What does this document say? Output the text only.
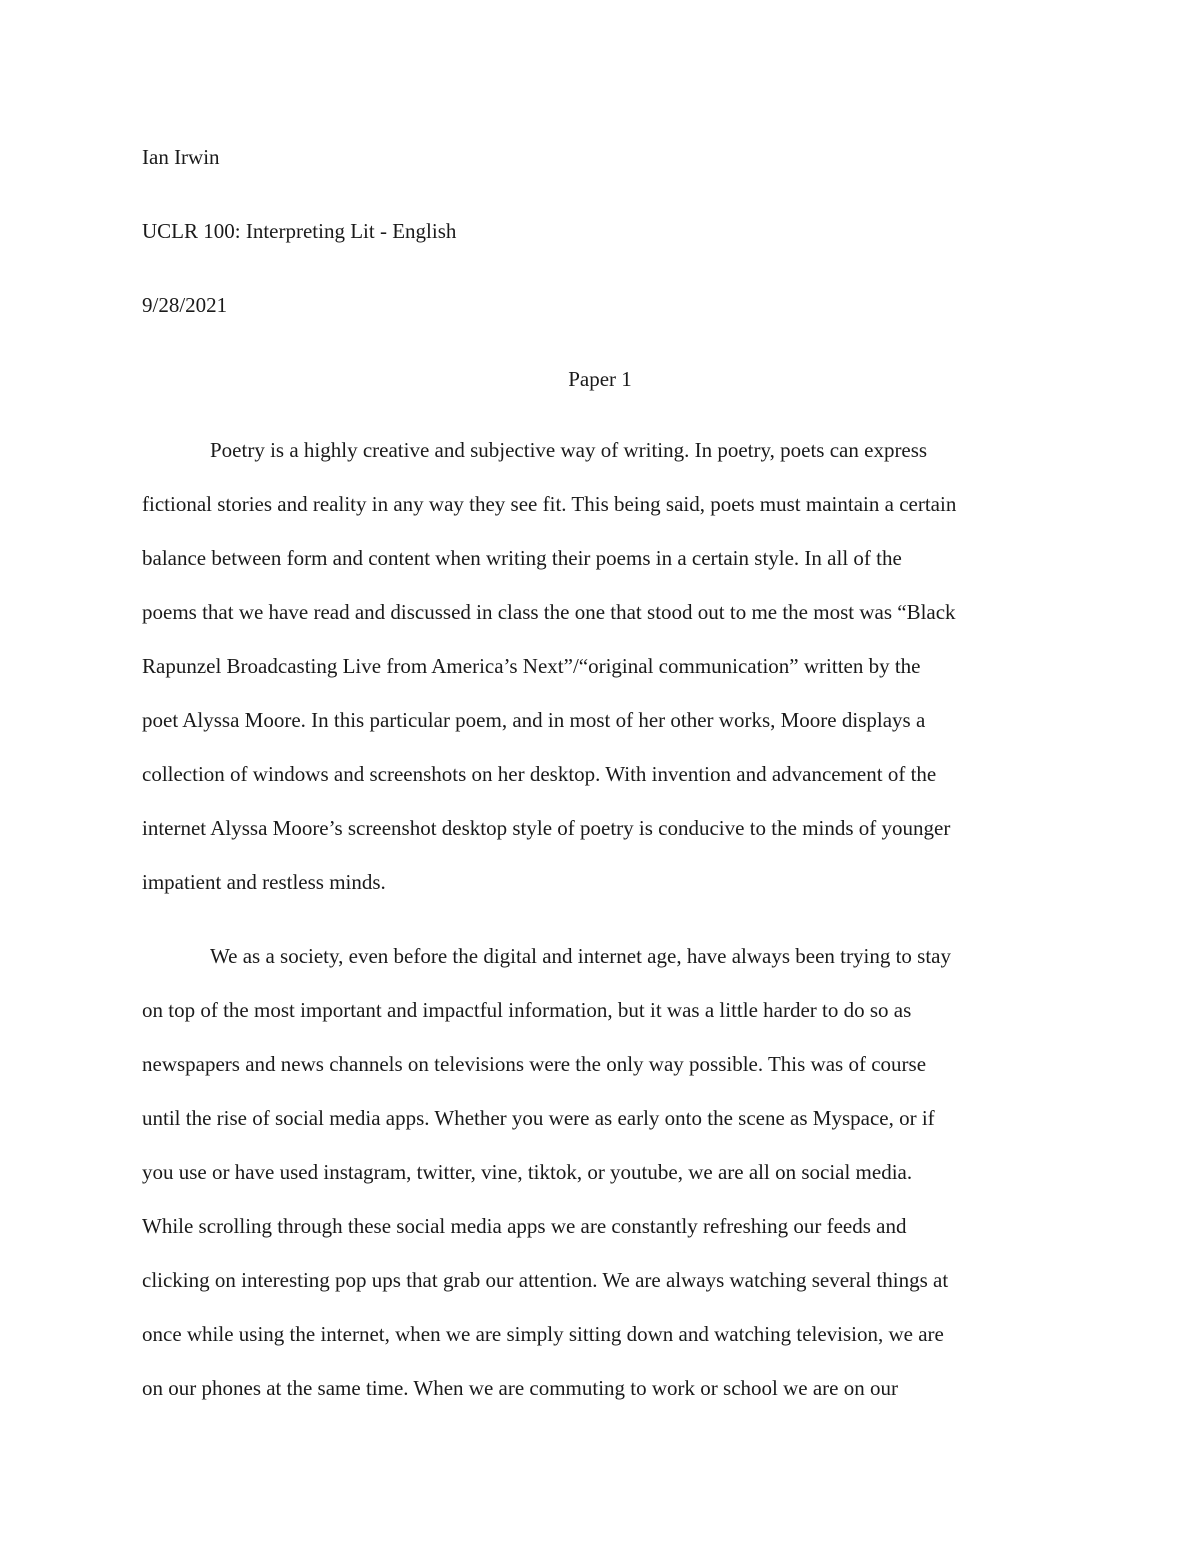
Ian Irwin
UCLR 100: Interpreting Lit - English
9/28/2021
Paper 1
Poetry is a highly creative and subjective way of writing. In poetry, poets can express
fictional stories and reality in any way they see fit. This being said, poets must maintain a certain
balance between form and content when writing their poems in a certain style. In all of the
poems that we have read and discussed in class the one that stood out to me the most was “Black
Rapunzel Broadcasting Live from America’s Next”/“original communication” written by the
poet Alyssa Moore. In this particular poem, and in most of her other works, Moore displays a
collection of windows and screenshots on her desktop. With invention and advancement of the
internet Alyssa Moore’s screenshot desktop style of poetry is conducive to the minds of younger
impatient and restless minds.
We as a society, even before the digital and internet age, have always been trying to stay
on top of the most important and impactful information, but it was a little harder to do so as
newspapers and news channels on televisions were the only way possible. This was of course
until the rise of social media apps. Whether you were as early onto the scene as Myspace, or if
you use or have used instagram, twitter, vine, tiktok, or youtube, we are all on social media.
While scrolling through these social media apps we are constantly refreshing our feeds and
clicking on interesting pop ups that grab our attention. We are always watching several things at
once while using the internet, when we are simply sitting down and watching television, we are
on our phones at the same time. When we are commuting to work or school we are on our
